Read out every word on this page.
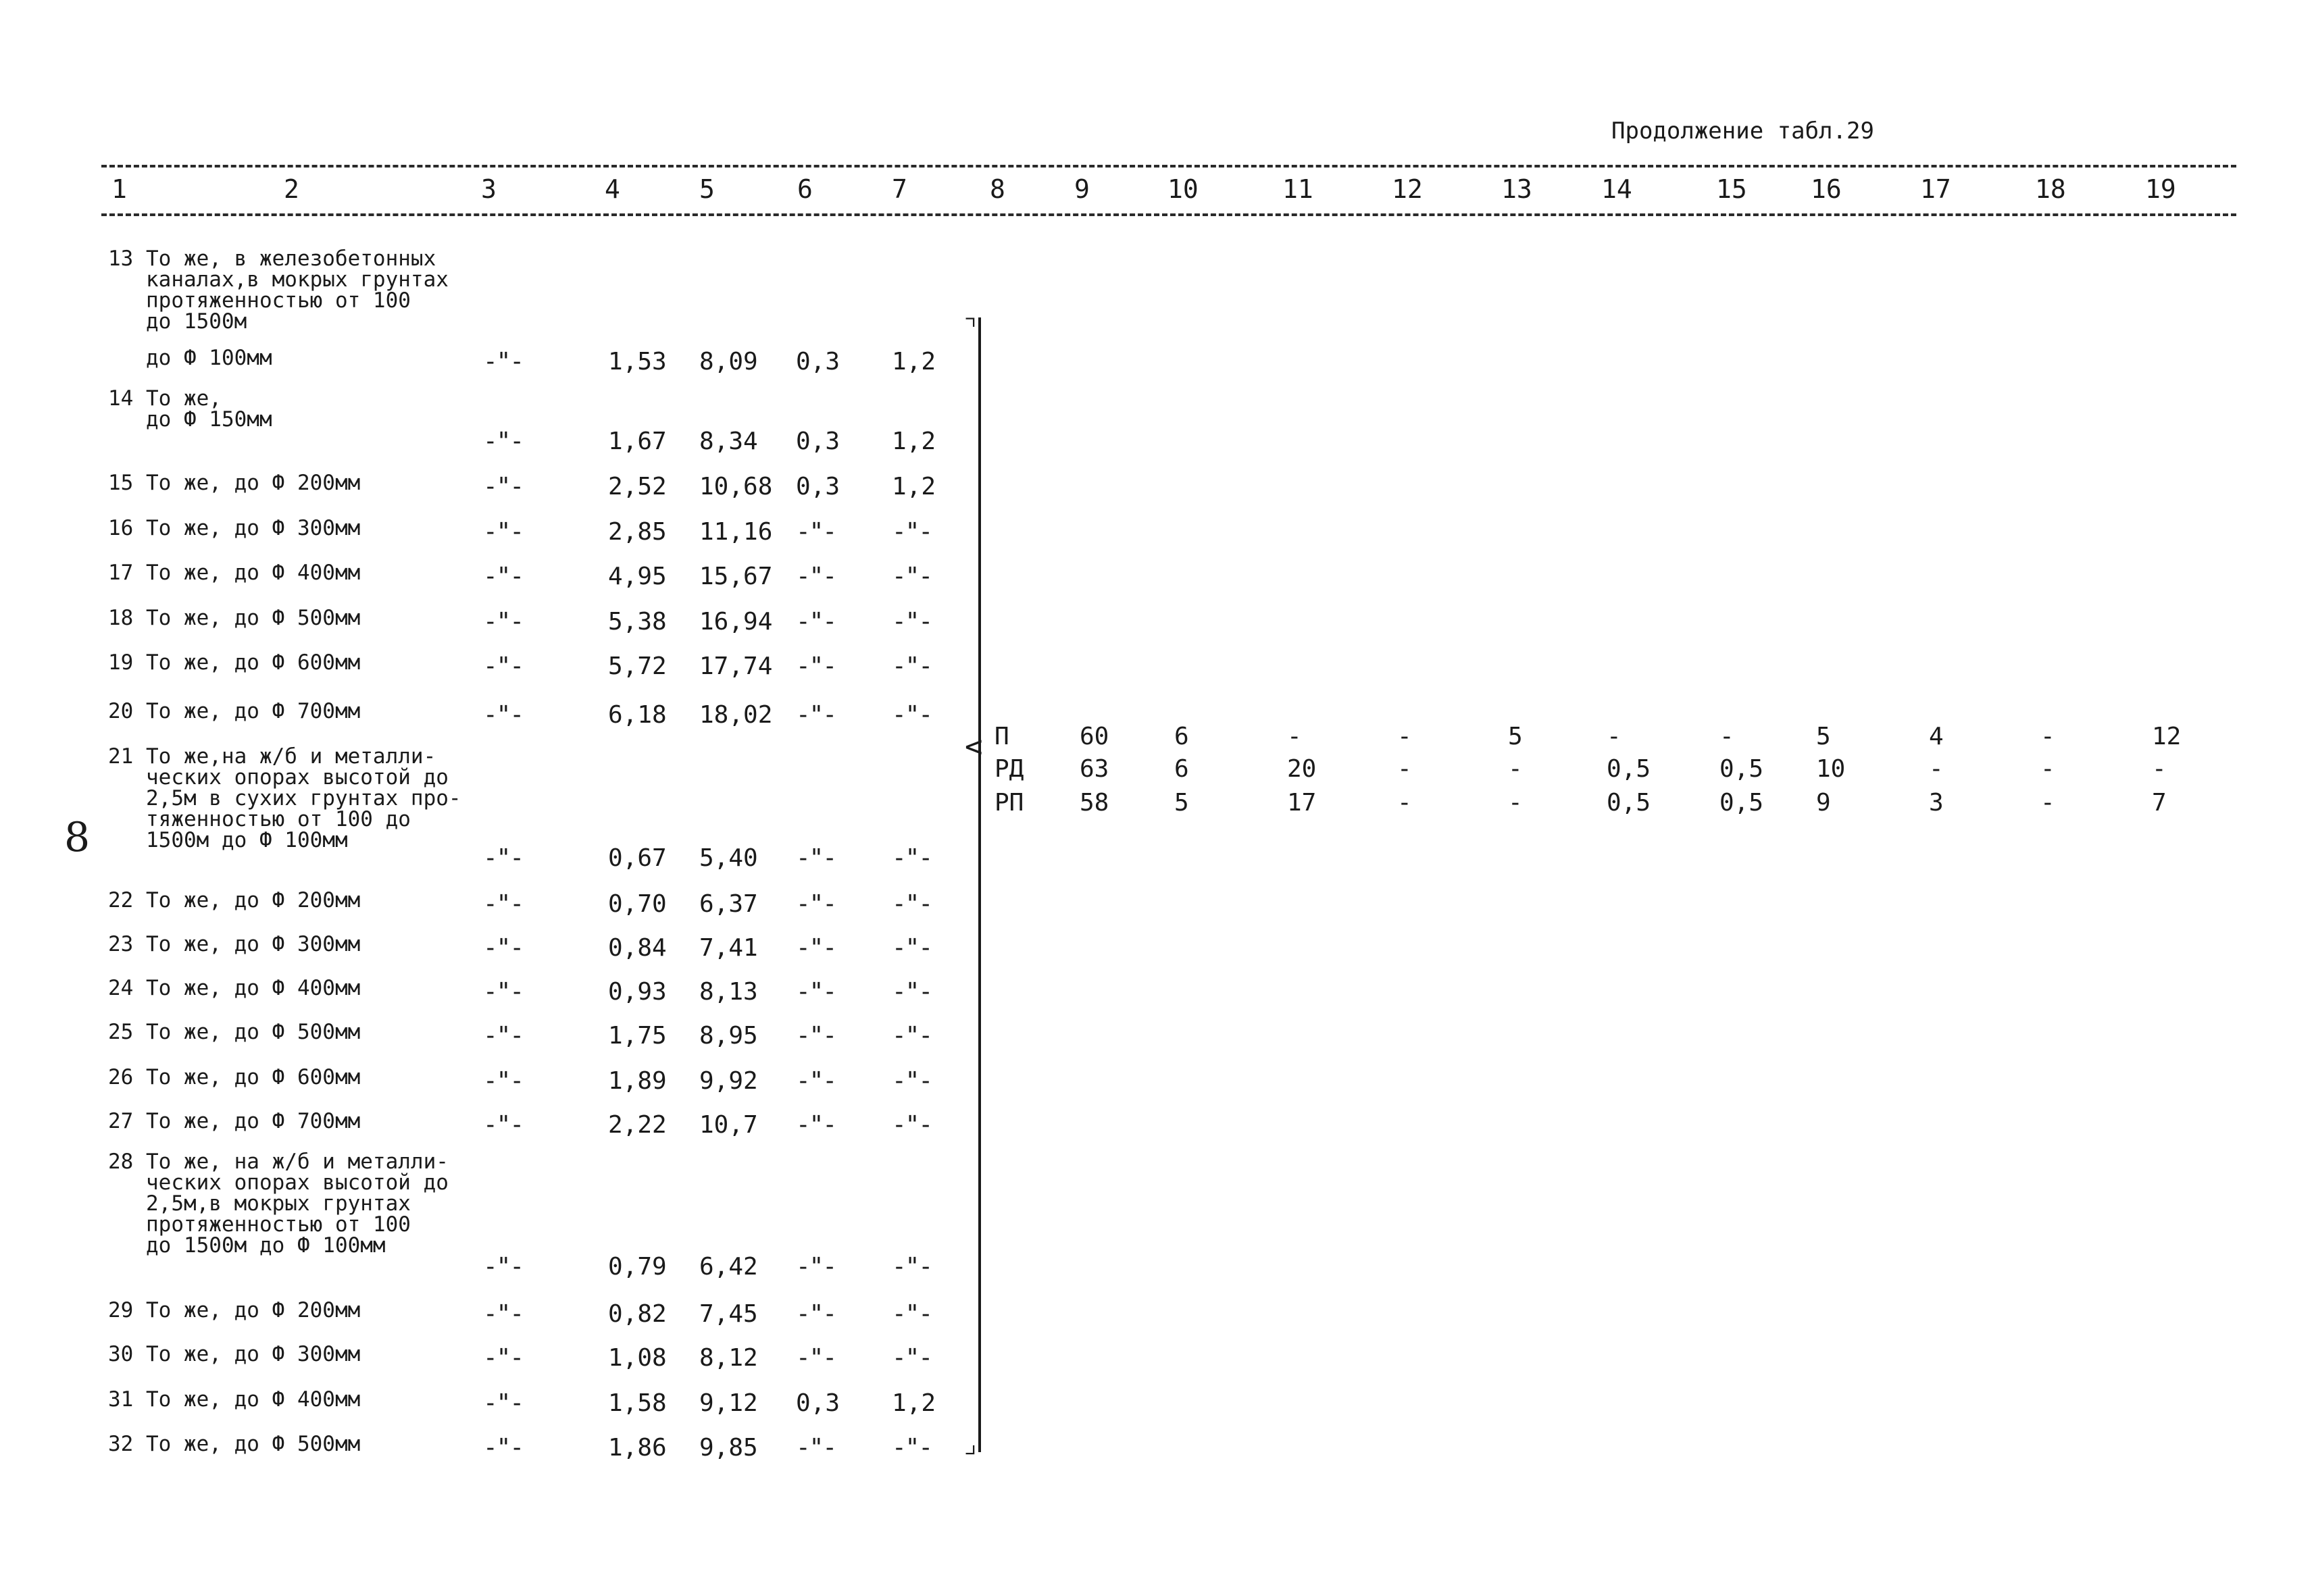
Продолжение табл.29
1	2	3	4	5	6	7	8	9	10	11	12	13	14	15 16	17	18	19
8
13 То же, в железобетонных
каналах,в мокрых грунтах
протяженностью от 100
до 1500м
до Ф 100мм	-"-	1,53 8,09 0,3 1,2
14 То же,
до Ф 150мм
-"-	1,67 8,34 0,3 1,2
15 То же, до Ф 200мм	-"-	2,52 10,68 0,3 1,2
16 То же, до Ф 300мм	-"-	2,85 11,16 -"- -"-
17 То же, до Ф 400мм	-"-	4,95 15,67 -"- -"-
18 То же, до Ф 500мм	-"-	5,38 16,94 -"- -"-
19 То же, до Ф 600мм	-"-	5,72 17,74 -"- -"-
20 То же, до Ф 700мм	-"-	6,18 18,02 -"- -"-
21 То же,на ж/б и металли-
ческих опорах высотой до
2,5м в сухих грунтах про-
тяженностью от 100 до
1500м до Ф 100мм
-"-	0,67 5,40 -"- -"-
22 То же, до Ф 200мм	-"-	0,70 6,37 -"- -"-
23 То же, до Ф 300мм	-"-	0,84 7,41 -"- -"-
24 То же, до Ф 400мм	-"-	0,93 8,13 -"- -"-
25 То же, до Ф 500мм	-"-	1,75 8,95 -"- -"-
26 То же, до Ф 600мм	-"-	1,89 9,92 -"- -"-
27 То же, до Ф 700мм	-"-	2,22 10,7 -"- -"-
28 То же, на ж/б и металли-
ческих опорах высотой до
2,5м,в мокрых грунтах
протяженностью от 100
до 1500м до Ф 100мм
-"-	0,79 6,42 -"- -"-
29 То же, до Ф 200мм	-"-	0,82 7,45 -"- -"-
30 То же, до Ф 300мм	-"-	1,08 8,12 -"- -"-
31 То же, до Ф 400мм	-"-	1,58 9,12 0,3 1,2
32 То же, до Ф 500мм	-"-	1,86 9,85 -"- -"-
⌝
<
⌟
П	60	6	-	-	5	-	-	5	4	-	12
РД 63	6	20	-	-	0,5	0,5 10	-	-	-
РП 58	5	17	-	-	0,5	0,5 9	3	-	7
